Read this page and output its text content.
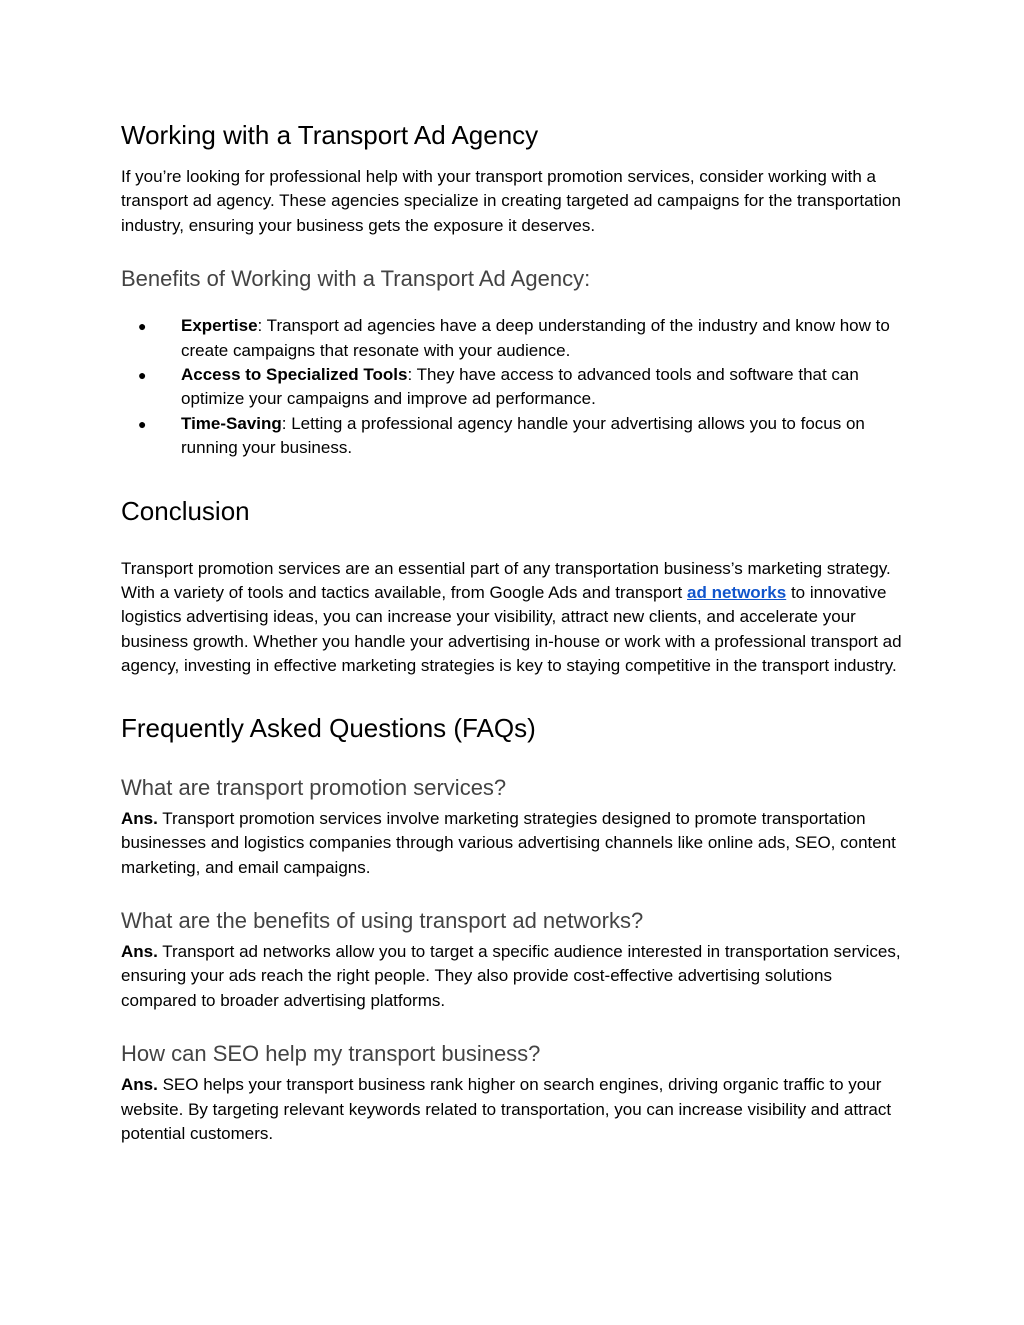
Working with a Transport Ad Agency

If you’re looking for professional help with your transport promotion services, consider working with a transport ad agency. These agencies specialize in creating targeted ad campaigns for the transportation industry, ensuring your business gets the exposure it deserves.

Benefits of Working with a Transport Ad Agency:
● Expertise: Transport ad agencies have a deep understanding of the industry and know how to create campaigns that resonate with your audience.
● Access to Specialized Tools: They have access to advanced tools and software that can optimize your campaigns and improve ad performance.
● Time-Saving: Letting a professional agency handle your advertising allows you to focus on running your business.
Conclusion

Transport promotion services are an essential part of any transportation business’s marketing strategy. With a variety of tools and tactics available, from Google Ads and transport ad networks to innovative logistics advertising ideas, you can increase your visibility, attract new clients, and accelerate your business growth. Whether you handle your advertising in-house or work with a professional transport ad agency, investing in effective marketing strategies is key to staying competitive in the transport industry.

Frequently Asked Questions (FAQs)
What are transport promotion services?

Ans. Transport promotion services involve marketing strategies designed to promote transportation businesses and logistics companies through various advertising channels like online ads, SEO, content marketing, and email campaigns.

What are the benefits of using transport ad networks?

Ans. Transport ad networks allow you to target a specific audience interested in transportation services, ensuring your ads reach the right people. They also provide cost-effective advertising solutions compared to broader advertising platforms.

How can SEO help my transport business?

Ans. SEO helps your transport business rank higher on search engines, driving organic traffic to your website. By targeting relevant keywords related to transportation, you can increase visibility and attract potential customers.
